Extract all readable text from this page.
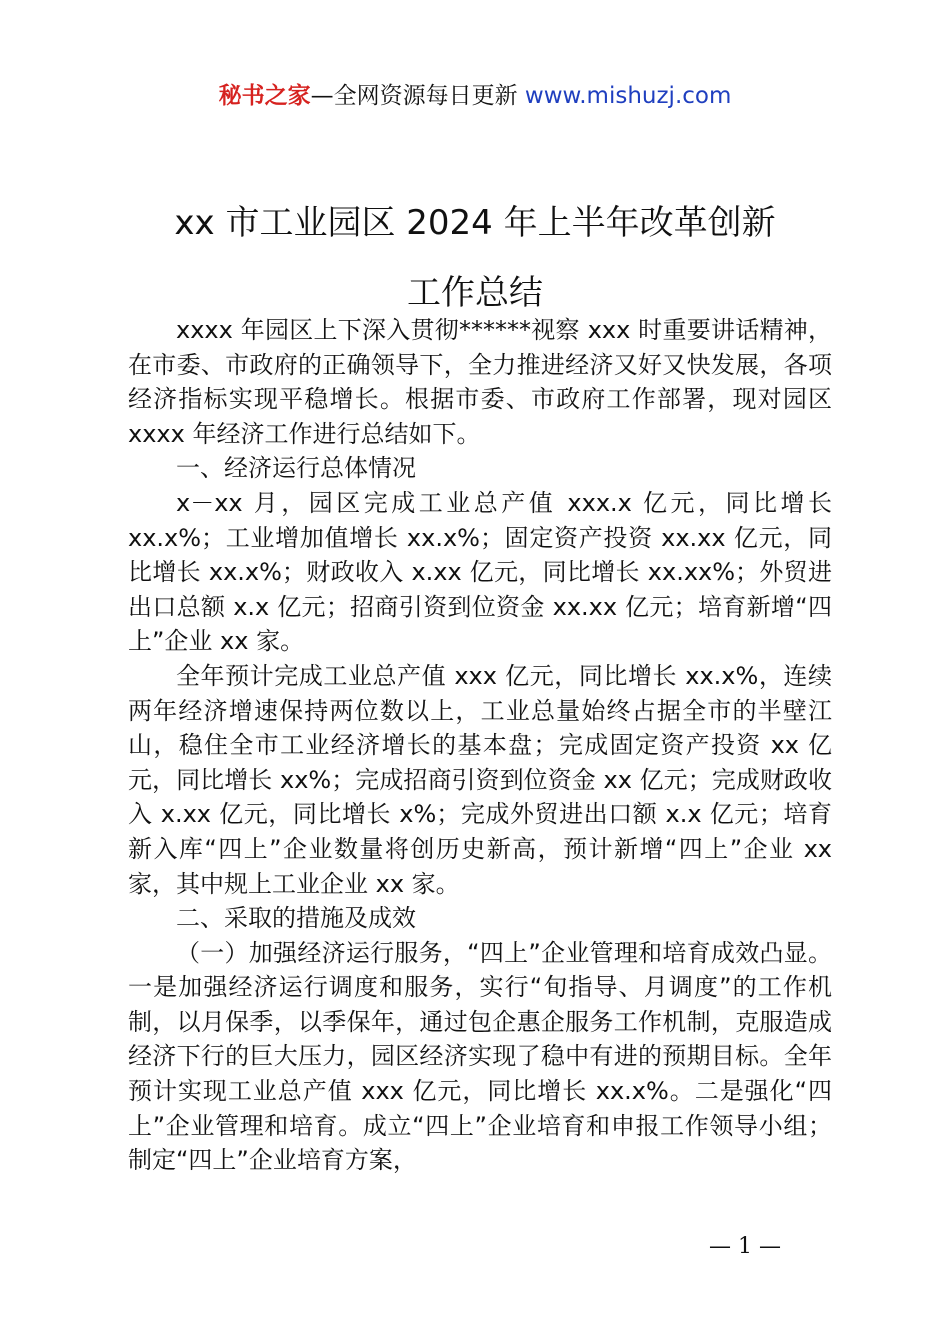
秘书之家—全网资源每日更新 www.mishuzj.com
xx 市工业园区 2024 年上半年改革创新
工作总结

xxxx 年园区上下深入贯彻******视察 xxx 时重要讲话精神，在市委、市政府的正确领导下，全力推进经济又好又快发展，各项经济指标实现平稳增长。根据市委、市政府工作部署，现对园区 xxxx 年经济工作进行总结如下。

一、经济运行总体情况

x－xx 月，园区完成工业总产值 xxx.x 亿元，同比增长 xx.x%；工业增加值增长 xx.x%；固定资产投资 xx.xx 亿元，同比增长 xx.x%；财政收入 x.xx 亿元，同比增长 xx.xx%；外贸进出口总额 x.x 亿元；招商引资到位资金 xx.xx 亿元；培育新增“四上”企业 xx 家。

全年预计完成工业总产值 xxx 亿元，同比增长 xx.x%，连续两年经济增速保持两位数以上，工业总量始终占据全市的半壁江山，稳住全市工业经济增长的基本盘；完成固定资产投资 xx 亿元，同比增长 xx%；完成招商引资到位资金 xx 亿元；完成财政收入 x.xx 亿元，同比增长 x%；完成外贸进出口额 x.x 亿元；培育新入库“四上”企业数量将创历史新高，预计新增“四上”企业 xx 家，其中规上工业企业 xx 家。

二、采取的措施及成效

（一）加强经济运行服务，“四上”企业管理和培育成效凸显。一是加强经济运行调度和服务，实行“旬指导、月调度”的工作机制，以月保季，以季保年，通过包企惠企服务工作机制，克服造成经济下行的巨大压力，园区经济实现了稳中有进的预期目标。全年预计实现工业总产值 xxx 亿元，同比增长 xx.x%。二是强化“四上”企业管理和培育。成立“四上”企业培育和申报工作领导小组；制定“四上”企业培育方案，

— 1 —
